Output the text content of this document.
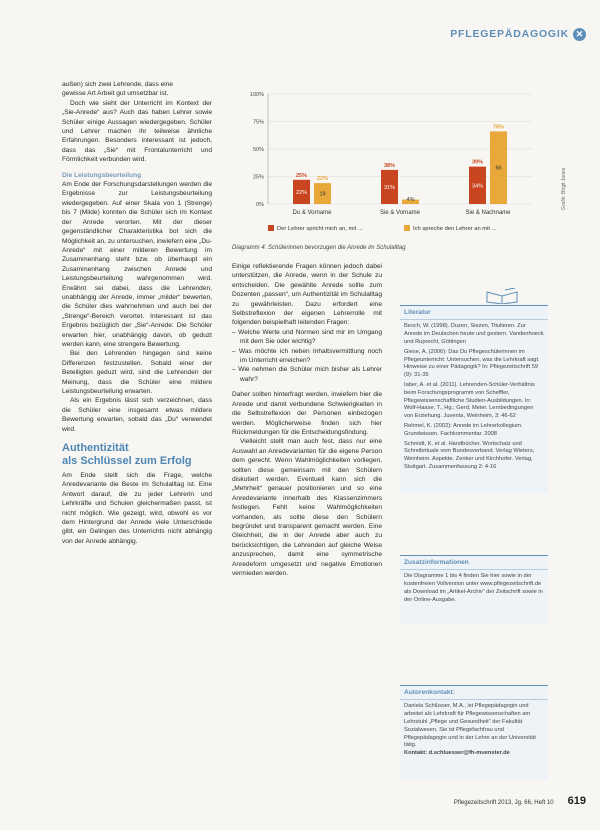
PFLEGEPÄDAGOGIK ✕

außen) sich zwei Lehrende, dass eine

gewisse Art Arbeit gut umsetzbar ist.

Doch wie sieht der Unterricht im Kontext der „Sie-Anrede“ aus? Auch das haben Lehrer sowie Schüler einige Aussagen wiedergegeben. Schüler und Lehrer machen ihr teilweise ähnliche Erfahrungen. Besonders interessant ist jedoch, dass das „Sie“ mit Frontalunterricht und Förmlichkeit verbunden wird.

Die Leistungsbeurteilung

Am Ende der Forschungsdarstellungen werden die Ergebnisse zur Leistungsbeurteilung wiedergegeben. Auf einer Skala von 1 (Strenge) bis 7 (Milde) konnten die Schüler sich im Kontext der Anrede verorten. Mit der dieser gegenständlicher Charakteristika bot sich die Möglichkeit an, zu untersuchen, inwiefern eine „Du-Anrede“ mit einer milderen Bewertung im Zusammenhang steht bzw. ob überhaupt ein Zusammenhang zwischen Anrede und Leistungsbeurteilung wahrgenommen wird. Erwähnt sei dabei, dass die Lehrenden, unabhängig der Anrede, immer „milder“ bewerten, die Schüler dies wahrnehmen und auch bei der „Strenge“-Bereich verortet. Interessant ist das Ergebnis bezüglich der „Sie“-Anrede: Die Schüler erwarten hier, unabhängig davon, ob geduzt werden kann, eine strengere Bewertung.

Bei den Lehrenden hingegen sind keine Differenzen festzustellen. Sobald einer der Beteiligten geduzt wird, sind die Lehrenden der Meinung, dass die Schüler eine mildere Leistungsbeurteilung erwarten.

Als ein Ergebnis lässt sich verzeichnen, dass die Schüler eine insgesamt etwas mildere Bewertung erwarten, sobald das „Du“ verwendet wird.

Authentizität
als Schlüssel zum Erfolg

Am Ende stellt sich die Frage, welche Anredevariante die Beste im Schulalltag ist. Eine Antwort darauf, die zu jeder Lehrerin und Lehrkräfte und Schulen gleichermaßen passt, ist nicht möglich. Wie gezeigt, wird, obwohl es vor dem Hintergrund der Anrede viele Unterschiede gibt, ein Gelingen des Unterrichts nicht abhängig von der Anrede abhängig.

0%
25%
50%
75%
100%
22%
25%
19
22%
Du & Vorname
31%
38%
4%
Sie & Vorname
34%
39%
66
78%
Sie & Nachname
Der Lehrer spricht mich an, mit ...	Ich spreche den Lehrer an mit ...
Diagramm 4: Schülerinnen bevorzugen die Anrede im Schulalltag
Grafik: Birgit Jones

Einige reflektierende Fragen können jedoch dabei unterstützen, die Anrede, wenn in der Schule zu entscheiden. Die gewählte Anrede sollte zum Dozenten „passen“, um Authentizität im Schulalltag zu gewährleisten. Dazu erfordert eine Selbstreflexion der eigenen Lehrerrolle mit folgenden beispielhaft leitenden Fragen:

– Welche Werte und Normen sind mir im Umgang mit dem Sie oder wichtig?
– Was möchte ich neben Inhaltsvermittlung noch im Unterricht erreichen?
– Wie nehmen die Schüler mich bisher als Lehrer wahr?

Daher sollten hinterfragt werden, inwiefern hier die Anrede und damit verbundene Schwierigkeiten in die Selbstreflexion der Personen einbezogen werden. Möglicherweise finden sich hier Rückmeldungen für die Entscheidungsfindung.

Vielleicht stellt man auch fest, dass nur eine Auswahl an Anredevarianten für die eigene Person dem gerecht. Wenn Wahlmöglichkeiten vorliegen, sollten diese gemeinsam mit den Schülern diskutiert werden. Eventuell kann sich die „Mehrheit“ genauer positionieren und so eine Anredevariante innerhalb des Klassenzimmers festlegen. Fehlt keine Wahlmöglichkeiten vorhanden, als sollte diese den Schülern begründet und transparent gemacht werden. Eine Gleichheit, die in der Anrede aber auch zu berücksichtigen, die Lehrenden auf gleiche Weise anzusprechen, damit eine symmetrische Anredeform umgesetzt und negative Emotionen vermieden werden.

Literatur
Besch, W. (1998). Duzen, Siezen, Titulieren. Zur Anrede im Deutschen heute und gestern. Vandenhoeck und Ruprecht, Göttingen
Giese, A. (2006): Das Du Pflegeschülerinnen im Pflegeunterricht: Untersuchen, was die Lehrkraft sagt. Hinweise zu einer Pädagogik? In: Pflegezeitschrift 59 (9): 31-35
Iaber, A. et al. (2011). Lehrenden-Schüler-Verhältnis beim Forschungsprogramm von Scheffler, Pflegewissenschaftliche Studien-Ausbildungen. In: Wolf-Haase, T., Hg.; Gerd, Meier. Lernbedingungen von Erziehung. Juventa, Weinheim, 3: 46-62
Rehmel, K. (2002): Anrede im Lehrerkollegium. Grundwissen. Fachkommentar. 2008
Schmidt, K. et al. Handbücher. Wortschatz und Schreibrituale vom Bundesverband. Verlag Wieters, Weinheim. Aspekte. Zenker und Kirchhofer. Verlag, Stuttgart. Zusammenfassung 2: 4-16
Zusatzinformationen
Die Diagramme 1 bis 4 finden Sie hier sowie in der kostenfreien Vollversion unter www.pflegezeitschrift.de als Download im „Artikel-Archiv“ der Zeitschrift sowie in der Online-Ausgabe.
Autorenkontakt:
Daniela Schlüsser, M.A., ist Pflegepädagogin und arbeitet als Lehrkraft für Pflegewissenschaften am Lehrstuhl „Pflege und Gesundheit“ der Fakultät Sozialwesen. Sie ist Pflegefachfrau und Pflegepädagogin und in der Lehre an der Universität tätig.
Kontakt: d.schluesser@fh-muenster.de
Pflegezeitschrift 2013, Jg. 66, Heft 10 619
